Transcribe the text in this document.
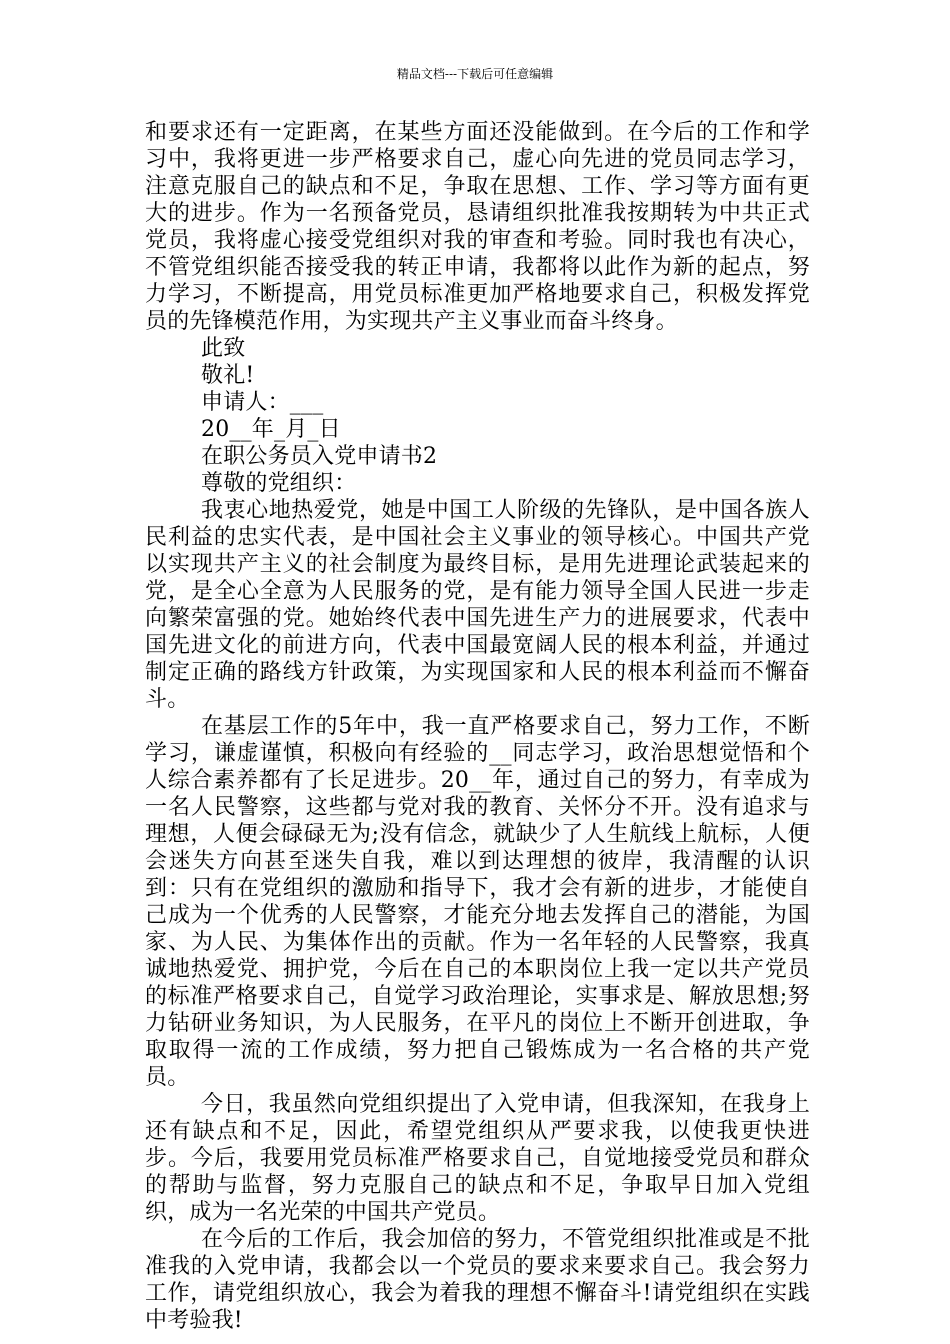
精品文档---下载后可任意编辑

和要求还有一定距离，在某些方面还没能做到。在今后的工作和学习中，我将更进一步严格要求自己，虚心向先进的党员同志学习，注意克服自己的缺点和不足，争取在思想、工作、学习等方面有更大的进步。作为一名预备党员，恳请组织批准我按期转为中共正式党员，我将虚心接受党组织对我的审查和考验。同时我也有决心，不管党组织能否接受我的转正申请，我都将以此作为新的起点，努力学习，不断提高，用党员标准更加严格地要求自己，积极发挥党员的先锋模范作用，为实现共产主义事业而奋斗终身。

此致

敬礼!

申请人：___

20__年_月_日

在职公务员入党申请书2

尊敬的党组织：

我衷心地热爱党，她是中国工人阶级的先锋队，是中国各族人民利益的忠实代表，是中国社会主义事业的领导核心。中国共产党以实现共产主义的社会制度为最终目标，是用先进理论武装起来的党，是全心全意为人民服务的党，是有能力领导全国人民进一步走向繁荣富强的党。她始终代表中国先进生产力的进展要求，代表中国先进文化的前进方向，代表中国最宽阔人民的根本利益，并通过制定正确的路线方针政策，为实现国家和人民的根本利益而不懈奋斗。

在基层工作的5年中，我一直严格要求自己，努力工作，不断学习，谦虚谨慎，积极向有经验的__同志学习，政治思想觉悟和个人综合素养都有了长足进步。20__年，通过自己的努力，有幸成为一名人民警察，这些都与党对我的教育、关怀分不开。没有追求与理想，人便会碌碌无为;没有信念，就缺少了人生航线上航标，人便会迷失方向甚至迷失自我，难以到达理想的彼岸，我清醒的认识到：只有在党组织的激励和指导下，我才会有新的进步，才能使自己成为一个优秀的人民警察，才能充分地去发挥自己的潜能，为国家、为人民、为集体作出的贡献。作为一名年轻的人民警察，我真诚地热爱党、拥护党，今后在自己的本职岗位上我一定以共产党员的标准严格要求自己，自觉学习政治理论，实事求是、解放思想;努力钻研业务知识，为人民服务，在平凡的岗位上不断开创进取，争取取得一流的工作成绩，努力把自己锻炼成为一名合格的共产党员。

今日，我虽然向党组织提出了入党申请，但我深知，在我身上还有缺点和不足，因此，希望党组织从严要求我，以使我更快进步。今后，我要用党员标准严格要求自己，自觉地接受党员和群众的帮助与监督，努力克服自己的缺点和不足，争取早日加入党组织，成为一名光荣的中国共产党员。

在今后的工作后，我会加倍的努力，不管党组织批准或是不批准我的入党申请，我都会以一个党员的要求来要求自己。我会努力工作，请党组织放心，我会为着我的理想不懈奋斗!请党组织在实践中考验我!
